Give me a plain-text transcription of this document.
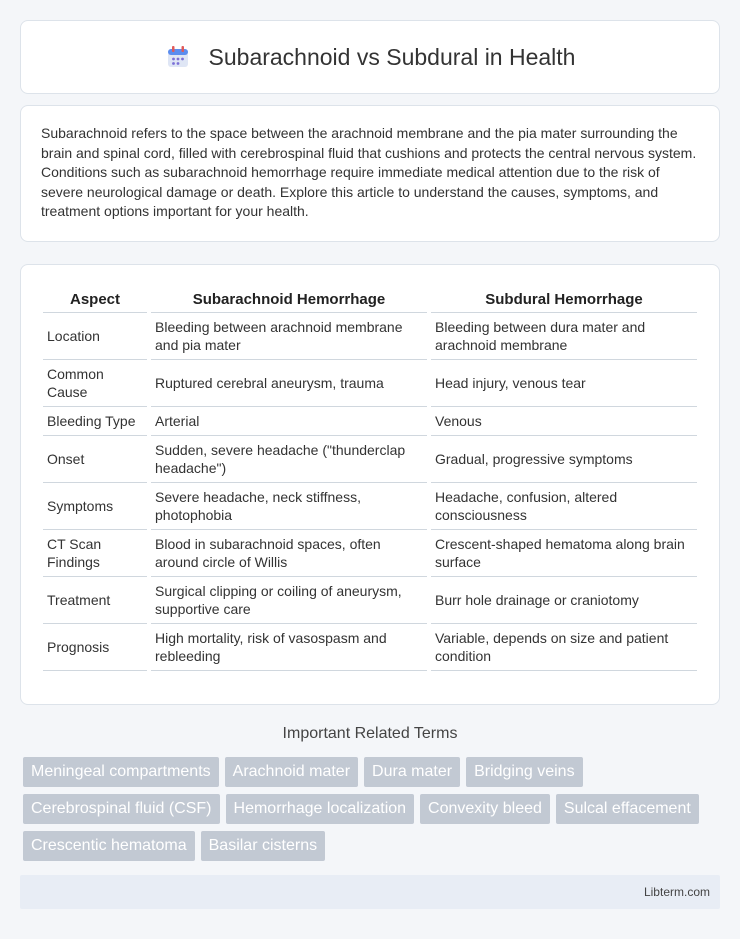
Subarachnoid vs Subdural in Health

Subarachnoid refers to the space between the arachnoid membrane and the pia mater surrounding the brain and spinal cord, filled with cerebrospinal fluid that cushions and protects the central nervous system. Conditions such as subarachnoid hemorrhage require immediate medical attention due to the risk of severe neurological damage or death. Explore this article to understand the causes, symptoms, and treatment options important for your health.

Aspect	Subarachnoid Hemorrhage	Subdural Hemorrhage
Location	Bleeding between arachnoid membrane and pia mater	Bleeding between dura mater and arachnoid membrane
Common Cause	Ruptured cerebral aneurysm, trauma	Head injury, venous tear
Bleeding Type	Arterial	Venous
Onset	Sudden, severe headache ("thunderclap headache")	Gradual, progressive symptoms
Symptoms	Severe headache, neck stiffness, photophobia	Headache, confusion, altered consciousness
CT Scan Findings	Blood in subarachnoid spaces, often around circle of Willis	Crescent-shaped hematoma along brain surface
Treatment	Surgical clipping or coiling of aneurysm, supportive care	Burr hole drainage or craniotomy
Prognosis	High mortality, risk of vasospasm and rebleeding	Variable, depends on size and patient condition
Important Related Terms
Meningeal compartments	Arachnoid mater	Dura mater	Bridging veins
Cerebrospinal fluid (CSF)	Hemorrhage localization	Convexity bleed	Sulcal effacement
Crescentic hematoma	Basilar cisterns
Libterm.com
